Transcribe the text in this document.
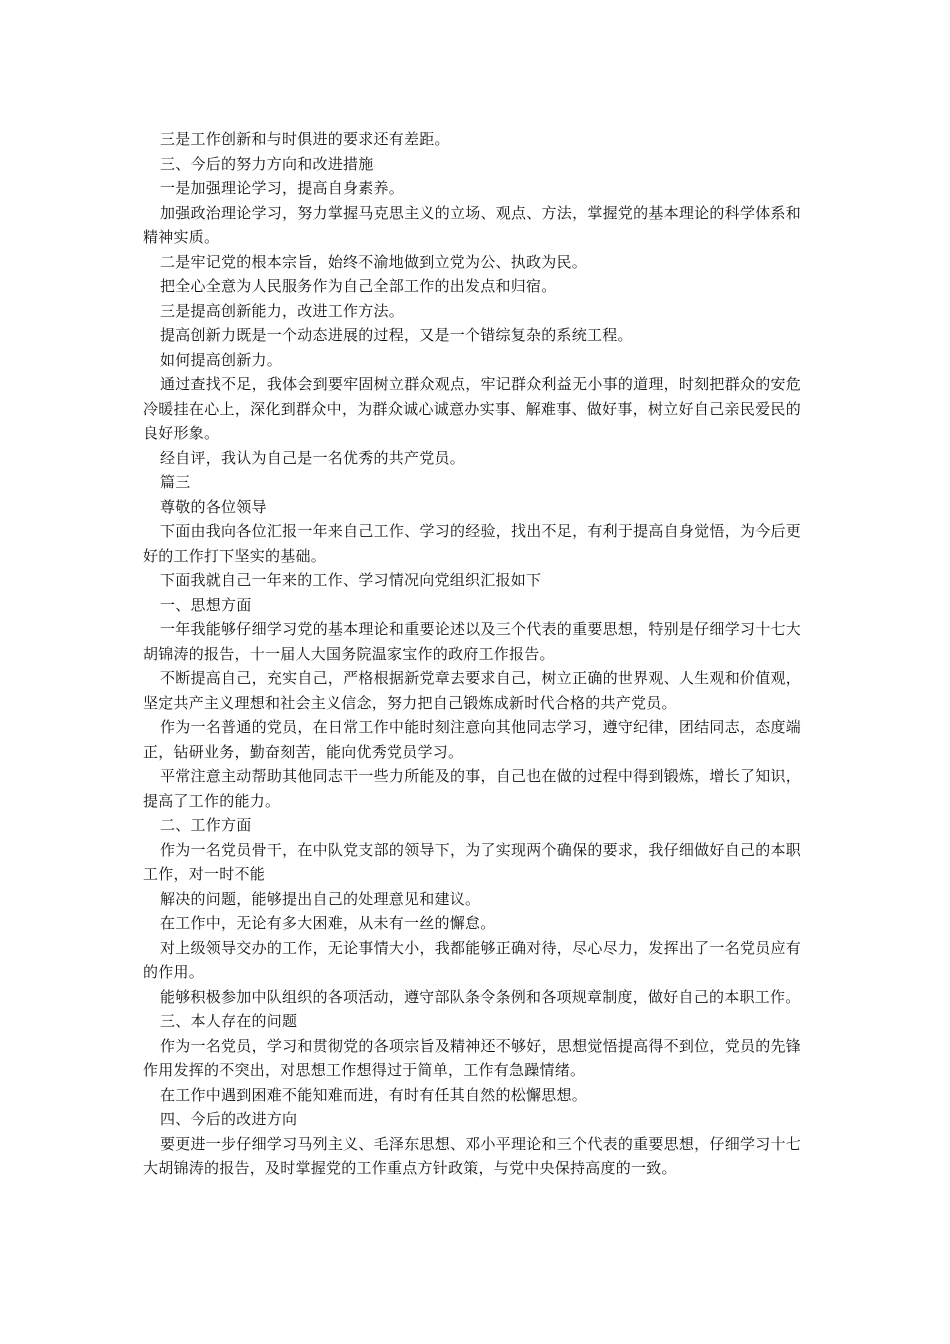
三是工作创新和与时俱进的要求还有差距。

三、今后的努力方向和改进措施

一是加强理论学习，提高自身素养。

加强政治理论学习，努力掌握马克思主义的立场、观点、方法，掌握党的基本理论的科学体系和精神实质。

二是牢记党的根本宗旨，始终不渝地做到立党为公、执政为民。

把全心全意为人民服务作为自己全部工作的出发点和归宿。

三是提高创新能力，改进工作方法。

提高创新力既是一个动态进展的过程，又是一个错综复杂的系统工程。

如何提高创新力。

通过查找不足，我体会到要牢固树立群众观点，牢记群众利益无小事的道理，时刻把群众的安危冷暖挂在心上，深化到群众中，为群众诚心诚意办实事、解难事、做好事，树立好自己亲民爱民的良好形象。

经自评，我认为自己是一名优秀的共产党员。

篇三

尊敬的各位领导

下面由我向各位汇报一年来自己工作、学习的经验，找出不足，有利于提高自身觉悟，为今后更好的工作打下坚实的基础。

下面我就自己一年来的工作、学习情况向党组织汇报如下

一、思想方面

一年我能够仔细学习党的基本理论和重要论述以及三个代表的重要思想，特别是仔细学习十七大胡锦涛的报告，十一届人大国务院温家宝作的政府工作报告。

不断提高自己，充实自己，严格根据新党章去要求自己，树立正确的世界观、人生观和价值观，坚定共产主义理想和社会主义信念，努力把自己锻炼成新时代合格的共产党员。

作为一名普通的党员，在日常工作中能时刻注意向其他同志学习，遵守纪律，团结同志，态度端正，钻研业务，勤奋刻苦，能向优秀党员学习。

平常注意主动帮助其他同志干一些力所能及的事，自己也在做的过程中得到锻炼，增长了知识，提高了工作的能力。

二、工作方面

作为一名党员骨干，在中队党支部的领导下，为了实现两个确保的要求，我仔细做好自己的本职工作，对一时不能

解决的问题，能够提出自己的处理意见和建议。

在工作中，无论有多大困难，从未有一丝的懈怠。

对上级领导交办的工作，无论事情大小，我都能够正确对待，尽心尽力，发挥出了一名党员应有的作用。

能够积极参加中队组织的各项活动，遵守部队条令条例和各项规章制度，做好自己的本职工作。

三、本人存在的问题

作为一名党员，学习和贯彻党的各项宗旨及精神还不够好，思想觉悟提高得不到位，党员的先锋作用发挥的不突出，对思想工作想得过于简单，工作有急躁情绪。

在工作中遇到困难不能知难而进，有时有任其自然的松懈思想。

四、今后的改进方向

要更进一步仔细学习马列主义、毛泽东思想、邓小平理论和三个代表的重要思想，仔细学习十七大胡锦涛的报告，及时掌握党的工作重点方针政策，与党中央保持高度的一致。
